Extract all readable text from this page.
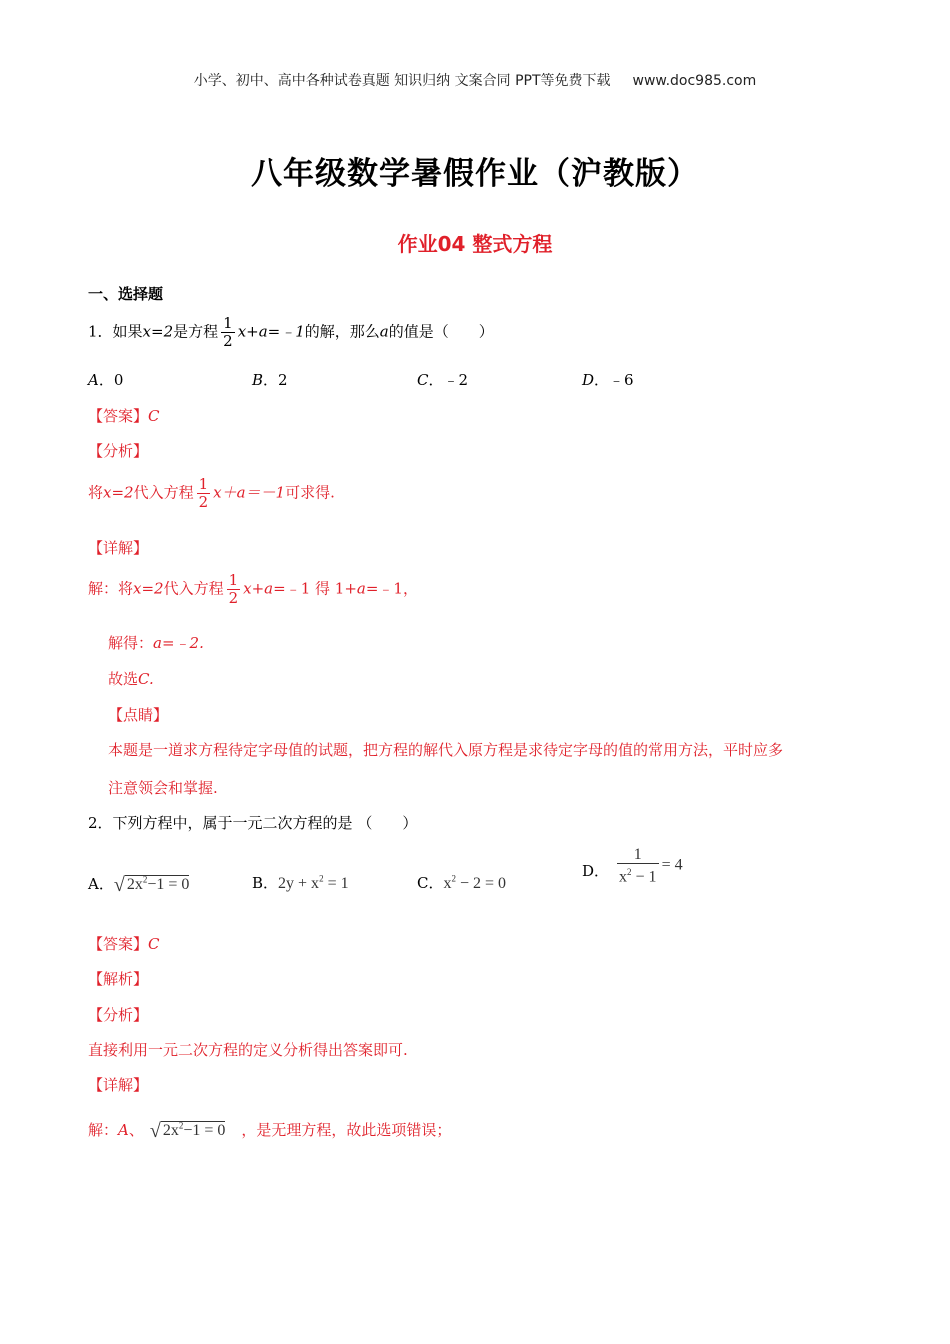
小学、初中、高中各种试卷真题 知识归纳 文案合同 PPT等免费下载 www.doc985.com
八年级数学暑假作业（沪教版）
作业04 整式方程
一、选择题
1．如果x=2是方程 $\frac{1}{2}$ x+a=﹣1的解，那么a的值是（　　）
A．0	B．2	C．﹣2	D．﹣6
【答案】C
【分析】
将x=2代入方程 $\frac{1}{2} x+a=-1$可求得.
【详解】
解：将x=2代入方程 $\frac{1}{2}$ x+a=﹣1 得 1+a=﹣1，
解得：a=﹣2.
故选C.
【点睛】
本题是一道求方程待定字母值的试题，把方程的解代入原方程是求待定字母的值的常用方法，平时应多
注意领会和掌握.
2．下列方程中，属于一元二次方程的是 （　　）
A．√ $2x^2-1 = 0$	B．$2y + x^2 = 1$	C．$x^2 - 2 = 0$
D． $\frac{1}{x^2 - 1} = 4$
【答案】C
【解析】
【分析】
直接利用一元二次方程的定义分析得出答案即可.
【详解】
解：A、 √ $2x^2-1 = 0$ ，是无理方程，故此选项错误；
